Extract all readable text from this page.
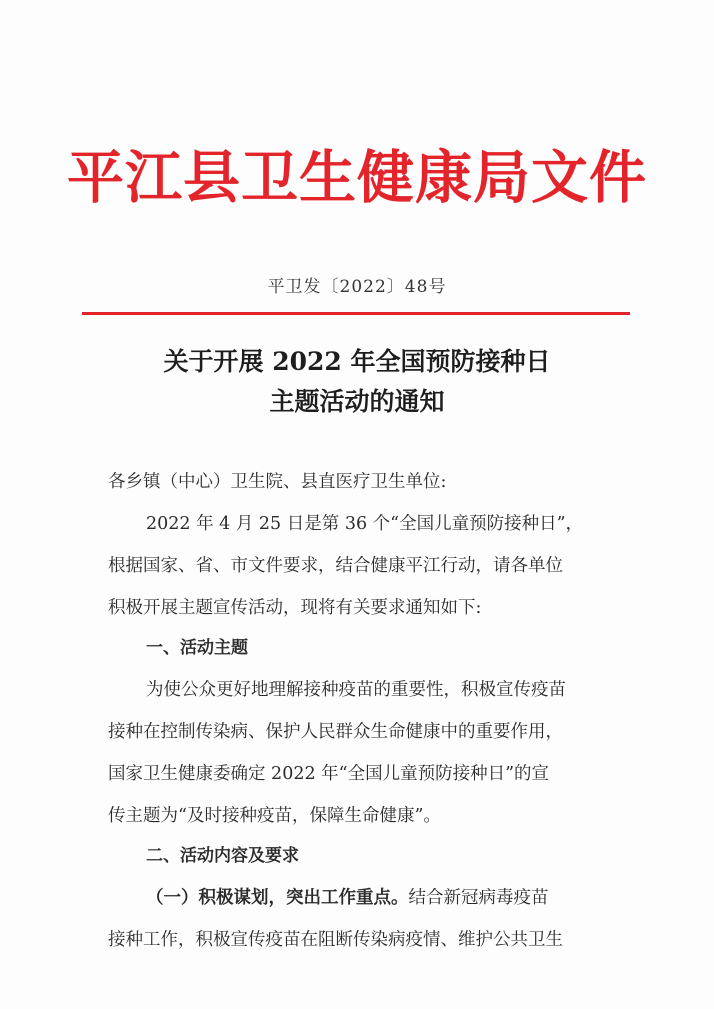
平江县卫生健康局文件
平卫发〔2022〕48号
关于开展 2022 年全国预防接种日
主题活动的通知
各乡镇（中心）卫生院、县直医疗卫生单位:
2022 年 4 月 25 日是第 36 个“全国儿童预防接种日”，
根据国家、省、市文件要求，结合健康平江行动，请各单位
积极开展主题宣传活动，现将有关要求通知如下:
一、活动主题
为使公众更好地理解接种疫苗的重要性，积极宣传疫苗
接种在控制传染病、保护人民群众生命健康中的重要作用，
国家卫生健康委确定 2022 年“全国儿童预防接种日”的宣
传主题为“及时接种疫苗，保障生命健康”。
二、活动内容及要求
（一）积极谋划，突出工作重点。结合新冠病毒疫苗
接种工作，积极宣传疫苗在阻断传染病疫情、维护公共卫生
